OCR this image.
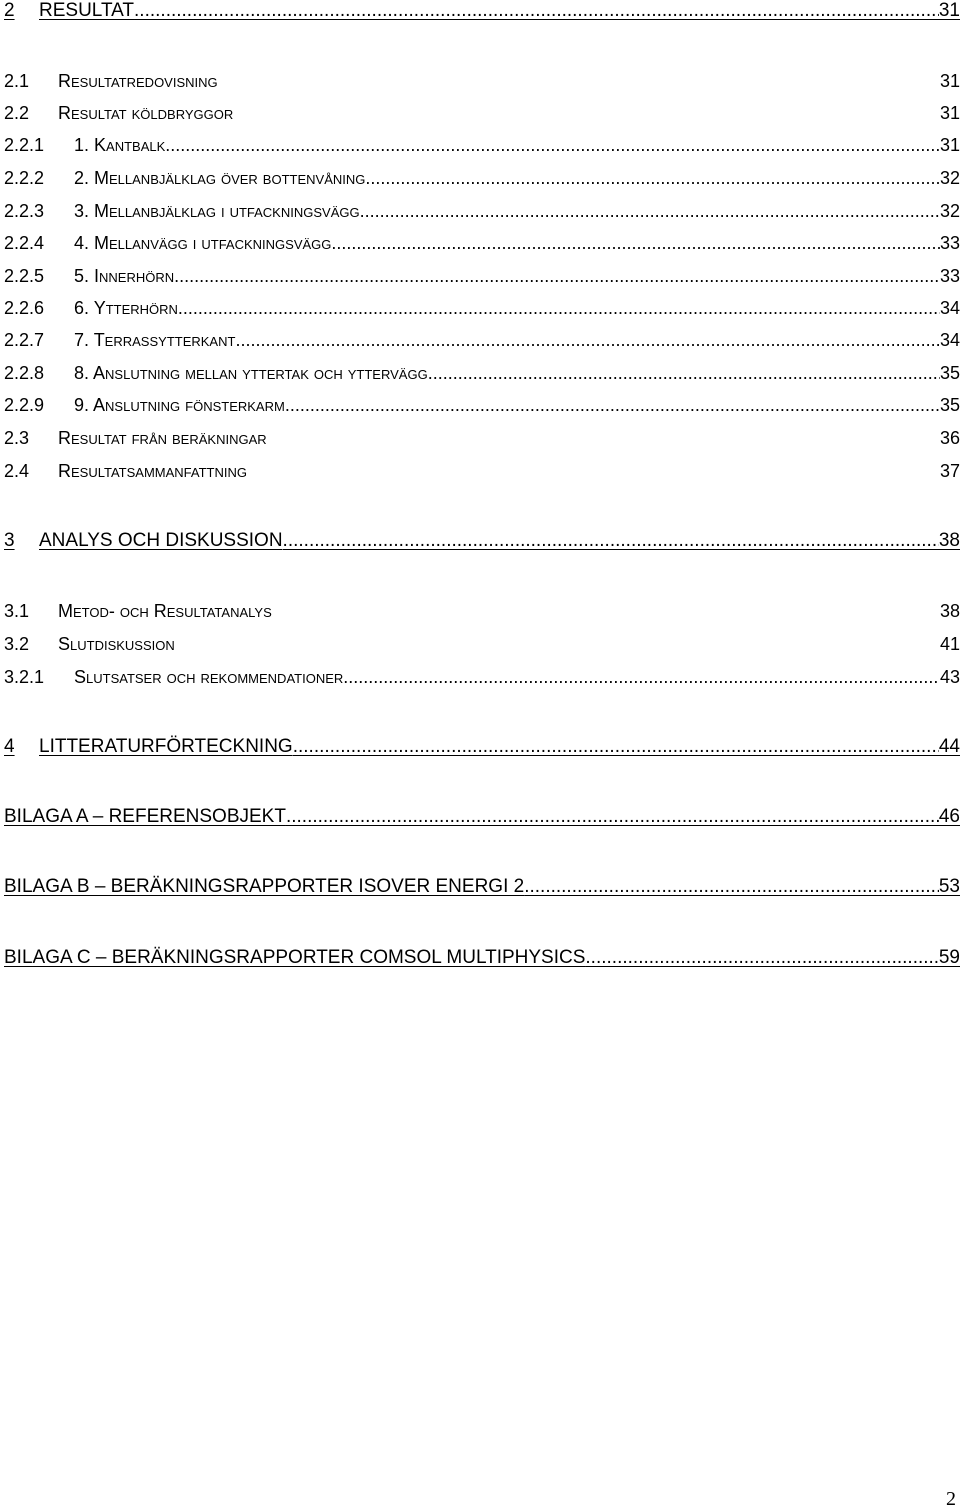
2	RESULTAT .....	31
2.1	Resultatredovisning	31
2.2	Resultat köldbryggor	31
2.2.1	1. Kantbalk .....	31
2.2.2	2. Mellanbjälklag över bottenvåning .....	32
2.2.3	3. Mellanbjälklag i utfackningsvägg .....	32
2.2.4	4. Mellanvägg i utfackningsvägg .....	33
2.2.5	5. Innerhörn .....	33
2.2.6	6. Ytterhörn .....	34
2.2.7	7. Terrassytterkant .....	34
2.2.8	8. Anslutning mellan yttertak och yttervägg .....	35
2.2.9	9. Anslutning fönsterkarm .....	35
2.3	Resultat från beräkningar	36
2.4	Resultatsammanfattning	37
3	ANALYS OCH DISKUSSION .....	38
3.1	Metod- och Resultatanalys	38
3.2	Slutdiskussion	41
3.2.1	Slutsatser och rekommendationer .....	43
4	LITTERATURFÖRTECKNING .....	44
BILAGA A – REFERENSOBJEKT .....	46
BILAGA B – BERÄKNINGSRAPPORTER ISOVER ENERGI 2 .....	53
BILAGA C – BERÄKNINGSRAPPORTER COMSOL MULTIPHYSICS .....	59
2
